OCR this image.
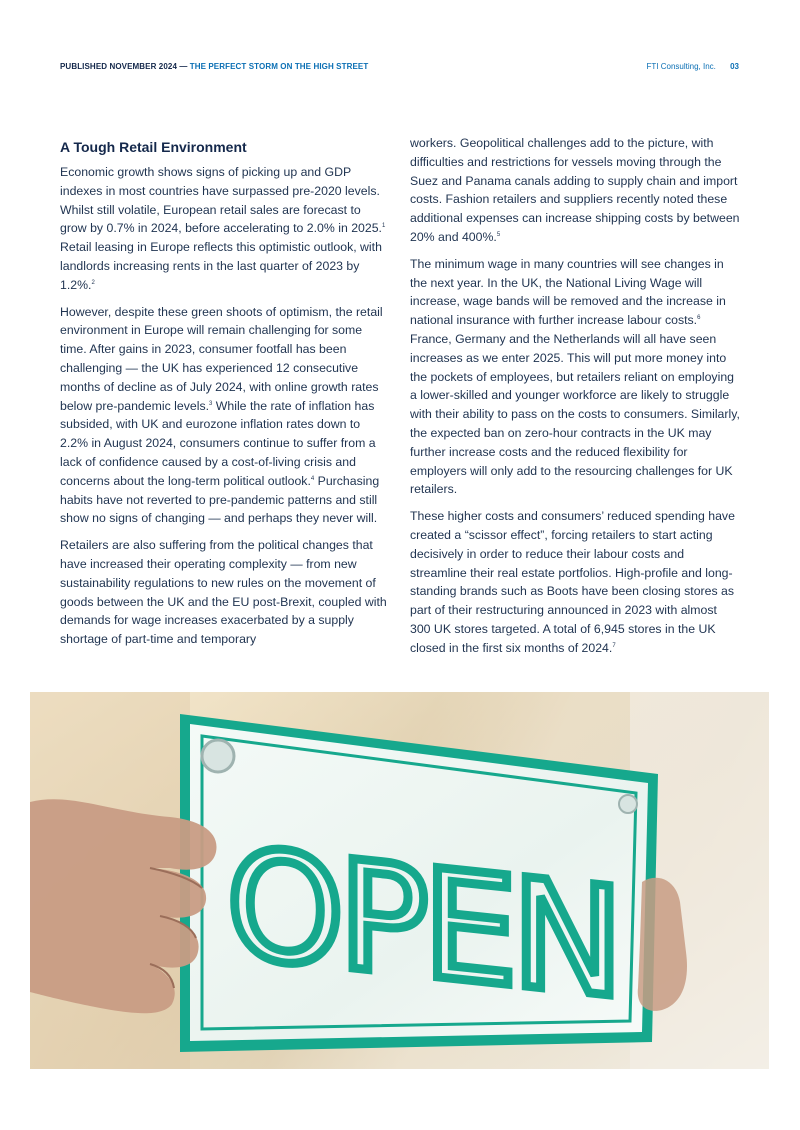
PUBLISHED NOVEMBER 2024 — THE PERFECT STORM ON THE HIGH STREET	FTI Consulting, Inc. 03
A Tough Retail Environment

Economic growth shows signs of picking up and GDP indexes in most countries have surpassed pre-2020 levels. Whilst still volatile, European retail sales are forecast to grow by 0.7% in 2024, before accelerating to 2.0% in 2025.$^1$ Retail leasing in Europe reflects this optimistic outlook, with landlords increasing rents in the last quarter of 2023 by 1.2%.$^2$

However, despite these green shoots of optimism, the retail environment in Europe will remain challenging for some time. After gains in 2023, consumer footfall has been challenging — the UK has experienced 12 consecutive months of decline as of July 2024, with online growth rates below pre-pandemic levels.$^3$ While the rate of inflation has subsided, with UK and eurozone inflation rates down to 2.2% in August 2024, consumers continue to suffer from a lack of confidence caused by a cost-of-living crisis and concerns about the long-term political outlook.$^4$ Purchasing habits have not reverted to pre-pandemic patterns and still show no signs of changing — and perhaps they never will.

Retailers are also suffering from the political changes that have increased their operating complexity — from new sustainability regulations to new rules on the movement of goods between the UK and the EU post-Brexit, coupled with demands for wage increases exacerbated by a supply shortage of part-time and temporary

workers. Geopolitical challenges add to the picture, with difficulties and restrictions for vessels moving through the Suez and Panama canals adding to supply chain and import costs. Fashion retailers and suppliers recently noted these additional expenses can increase shipping costs by between 20% and 400%.$^5$

The minimum wage in many countries will see changes in the next year. In the UK, the National Living Wage will increase, wage bands will be removed and the increase in national insurance with further increase labour costs.$^6$ France, Germany and the Netherlands will all have seen increases as we enter 2025. This will put more money into the pockets of employees, but retailers reliant on employing a lower-skilled and younger workforce are likely to struggle with their ability to pass on the costs to consumers. Similarly, the expected ban on zero-hour contracts in the UK may further increase costs and the reduced flexibility for employers will only add to the resourcing challenges for UK retailers.

These higher costs and consumers’ reduced spending have created a “scissor effect”, forcing retailers to start acting decisively in order to reduce their labour costs and streamline their real estate portfolios. High-profile and long-standing brands such as Boots have been closing stores as part of their restructuring announced in 2023 with almost 300 UK stores targeted. A total of 6,945 stores in the UK closed in the first six months of 2024.$^7$

OPEN
